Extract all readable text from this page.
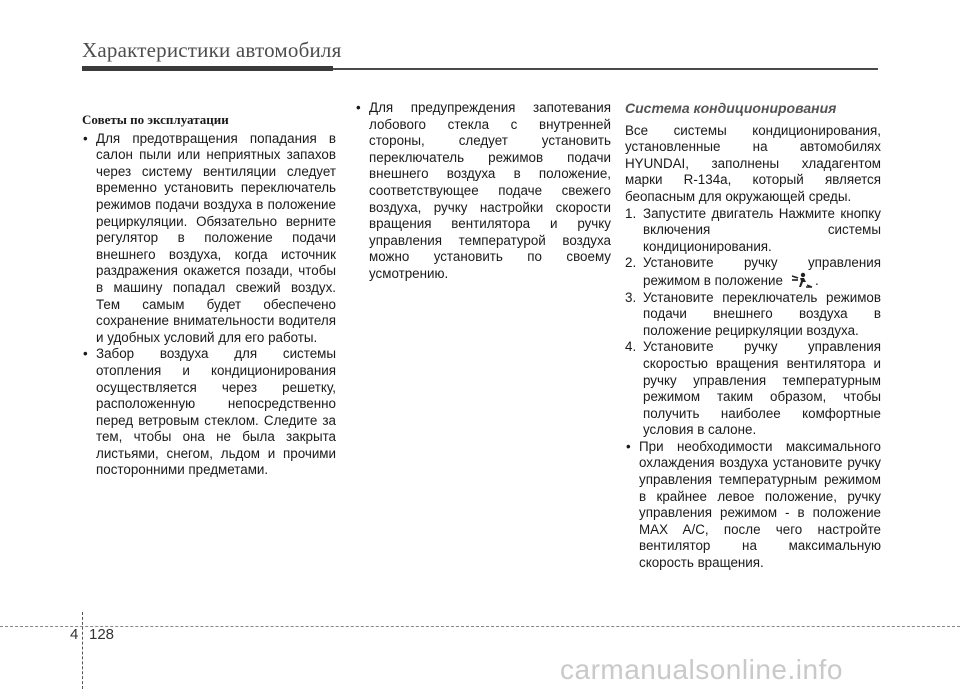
Характеристики автомобиля
Советы по эксплуатации
• Для предотвращения попадания в салон пыли или неприятных запахов через систему вентиляции следует временно установить переключатель режимов подачи воздуха в положение рециркуляции. Обязательно верните регулятор в положение подачи внешнего воздуха, когда источник раздражения окажется позади, чтобы в машину попадал свежий воздух. Тем самым будет обеспечено сохранение внимательности водителя и удобных условий для его работы.
• Забор воздуха для системы отопления и кондиционирования осуществляется через решетку, расположенную непосредственно перед ветровым стеклом. Следите за тем, чтобы она не была закрыта листьями, снегом, льдом и прочими посторонними предметами.
• Для предупреждения запотевания лобового стекла с внутренней стороны, следует установить переключатель режимов подачи внешнего воздуха в положение, соответствующее подаче свежего воздуха, ручку настройки скорости вращения вентилятора и ручку управления температурой воздуха можно установить по своему усмотрению.
Система кондиционирования
Все системы кондиционирования, установленные на автомобилях HYUNDAI, заполнены хладагентом марки R-134a, который является беопасным для окружающей среды.
1. Запустите двигатель Нажмите кнопку включения системы кондиционирования.
2. Установите ручку управления режимом в положение .
3. Установите переключатель режимов подачи внешнего воздуха в положение рециркуляции воздуха.
4. Установите ручку управления скоростью вращения вентилятора и ручку управления температурным режимом таким образом, чтобы получить наиболее комфортные условия в салоне.
• При необходимости максимального охлаждения воздуха установите ручку управления температурным режимом в крайнее левое положение, ручку управления режимом - в положение MAX A/C, после чего настройте вентилятор на максимальную скорость вращения.
4 128
carmanualsonline.info
